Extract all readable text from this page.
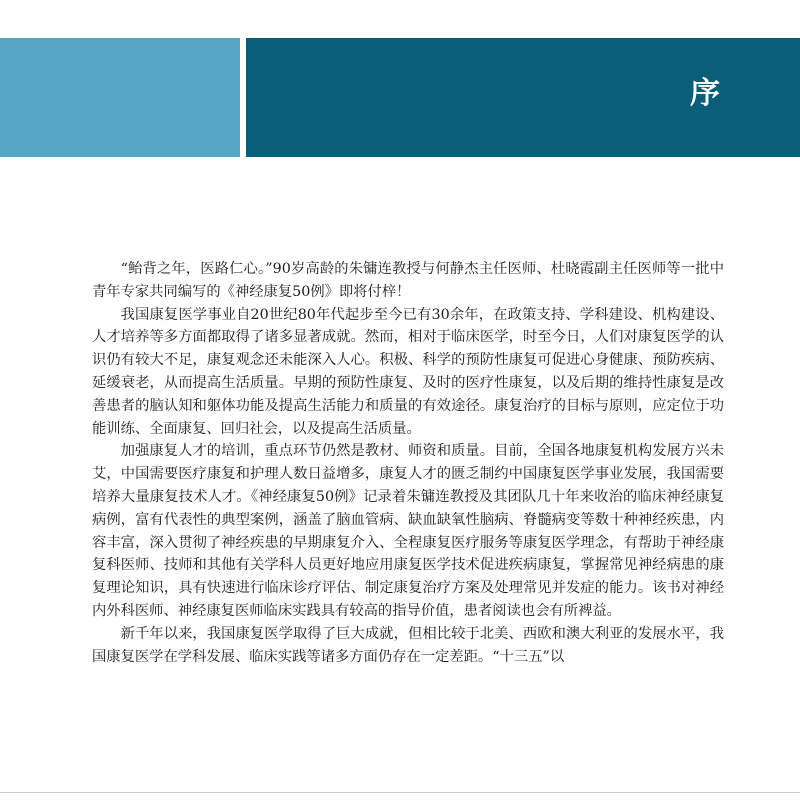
序

“鲐背之年，医路仁心。”90岁高龄的朱镛连教授与何静杰主任医师、杜晓霞副主任医师等一批中青年专家共同编写的《神经康复50例》即将付梓！

我国康复医学事业自20世纪80年代起步至今已有30余年，在政策支持、学科建设、机构建设、人才培养等多方面都取得了诸多显著成就。然而，相对于临床医学，时至今日，人们对康复医学的认识仍有较大不足，康复观念还未能深入人心。积极、科学的预防性康复可促进心身健康、预防疾病、延缓衰老，从而提高生活质量。早期的预防性康复、及时的医疗性康复，以及后期的维持性康复是改善患者的脑认知和躯体功能及提高生活能力和质量的有效途径。康复治疗的目标与原则，应定位于功能训练、全面康复、回归社会，以及提高生活质量。

加强康复人才的培训，重点环节仍然是教材、师资和质量。目前，全国各地康复机构发展方兴未艾，中国需要医疗康复和护理人数日益增多，康复人才的匮乏制约中国康复医学事业发展，我国需要培养大量康复技术人才。《神经康复50例》记录着朱镛连教授及其团队几十年来收治的临床神经康复病例，富有代表性的典型案例，涵盖了脑血管病、缺血缺氧性脑病、脊髓病变等数十种神经疾患，内容丰富，深入贯彻了神经疾患的早期康复介入、全程康复医疗服务等康复医学理念，有帮助于神经康复科医师、技师和其他有关学科人员更好地应用康复医学技术促进疾病康复，掌握常见神经病患的康复理论知识，具有快速进行临床诊疗评估、制定康复治疗方案及处理常见并发症的能力。该书对神经内外科医师、神经康复医师临床实践具有较高的指导价值，患者阅读也会有所裨益。

新千年以来，我国康复医学取得了巨大成就，但相比较于北美、西欧和澳大利亚的发展水平，我国康复医学在学科发展、临床实践等诸多方面仍存在一定差距。“十三五”以
